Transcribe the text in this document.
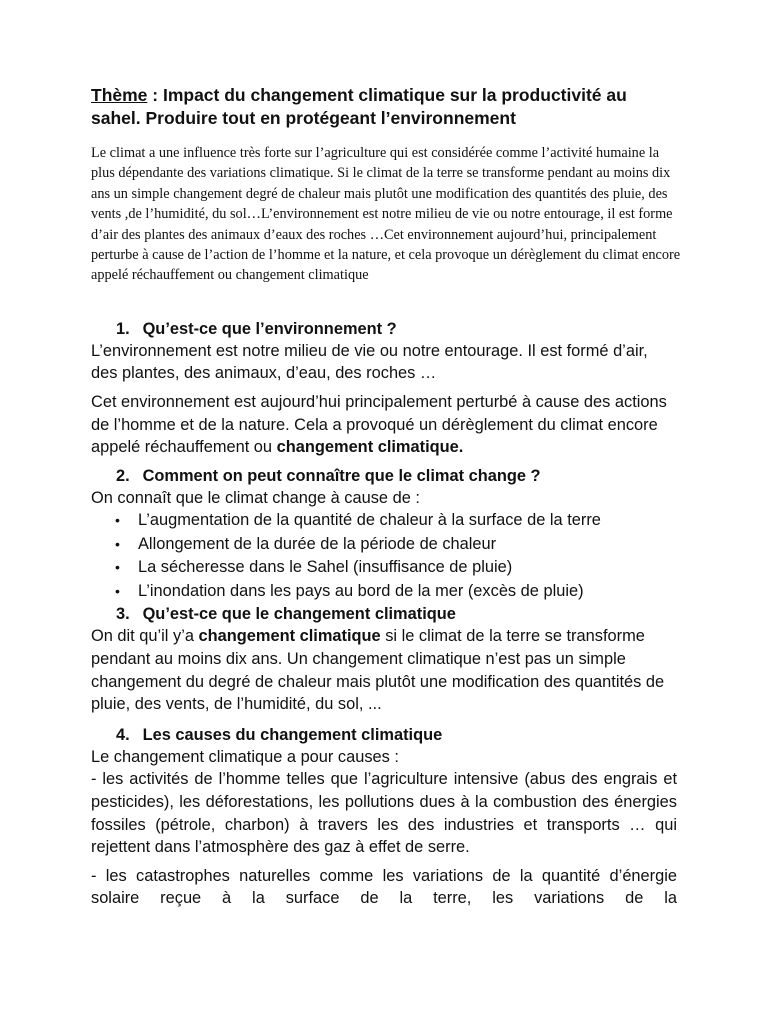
Thème : Impact du changement climatique sur la productivité au sahel. Produire tout en protégeant l’environnement

Le climat a une influence très forte sur l’agriculture qui est considérée comme l’activité humaine la plus dépendante des variations climatique. Si le climat de la terre se transforme pendant au moins dix ans un simple changement degré de chaleur mais plutôt une modification des quantités des pluie, des vents ,de l’humidité, du sol…L’environnement est notre milieu de vie ou notre entourage, il est forme d’air des plantes des animaux d’eaux des roches …Cet environnement aujourd’hui, principalement perturbe à cause de l’action de l’homme et la nature, et cela provoque un dérèglement du climat encore appelé réchauffement ou changement climatique

1. Qu’est-ce que l’environnement ?

L’environnement est notre milieu de vie ou notre entourage. Il est formé d’air, des plantes, des animaux, d’eau, des roches …

Cet environnement est aujourd’hui principalement perturbé à cause des actions de l’homme et de la nature. Cela a provoqué un dérèglement du climat encore appelé réchauffement ou changement climatique.

2. Comment on peut connaître que le climat change ?

On connaît que le climat change à cause de :

• L’augmentation de la quantité de chaleur à la surface de la terre
• Allongement de la durée de la période de chaleur
• La sécheresse dans le Sahel (insuffisance de pluie)
• L’inondation dans les pays au bord de la mer (excès de pluie)

3. Qu’est-ce que le changement climatique

On dit qu’il y’a changement climatique si le climat de la terre se transforme pendant au moins dix ans. Un changement climatique n’est pas un simple changement du degré de chaleur mais plutôt une modification des quantités de pluie, des vents, de l’humidité, du sol, ...

4. Les causes du changement climatique

Le changement climatique a pour causes :

- les activités de l’homme telles que l’agriculture intensive (abus des engrais et pesticides), les déforestations, les pollutions dues à la combustion des énergies fossiles (pétrole, charbon) à travers les des industries et transports … qui rejettent dans l’atmosphère des gaz à effet de serre.

- les catastrophes naturelles comme les variations de la quantité d’énergie solaire reçue à la surface de la terre, les variations de la
